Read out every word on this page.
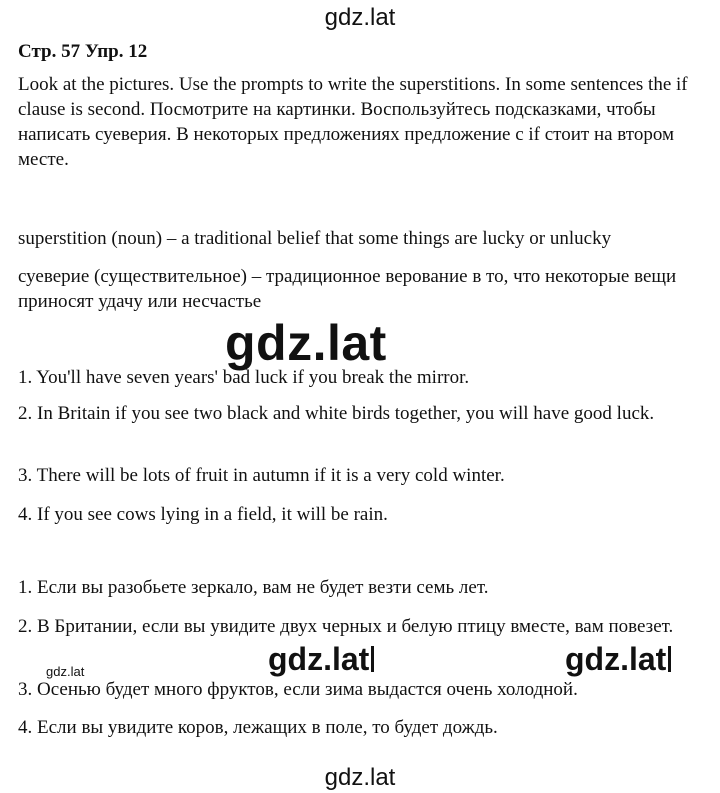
gdz.lat
Стр. 57 Упр. 12

Look at the pictures. Use the prompts to write the superstitions. In some sentences the if clause is second. Посмотрите на картинки. Воспользуйтесь подсказками, чтобы написать суеверия. В некоторых предложениях предложение с if стоит на втором месте.

superstition (noun) – a traditional belief that some things are lucky or unlucky

суеверие (существительное) – традиционное верование в то, что некоторые вещи приносят удачу или несчастье

gdz.lat

1. You'll have seven years' bad luck if you break the mirror.

2. In Britain if you see two black and white birds together, you will have good luck.

3. There will be lots of fruit in autumn if it is a very cold winter.

4. If you see cows lying in a field, it will be rain.

1. Если вы разобьете зеркало, вам не будет везти семь лет.

2. В Британии, если вы увидите двух черных и белую птицу вместе, вам повезет.

3. Осенью будет много фруктов, если зима выдастся очень холодной.

4. Если вы увидите коров, лежащих в поле, то будет дождь.

gdz.lat	gdz.lat	gdz.lat
gdz.lat
